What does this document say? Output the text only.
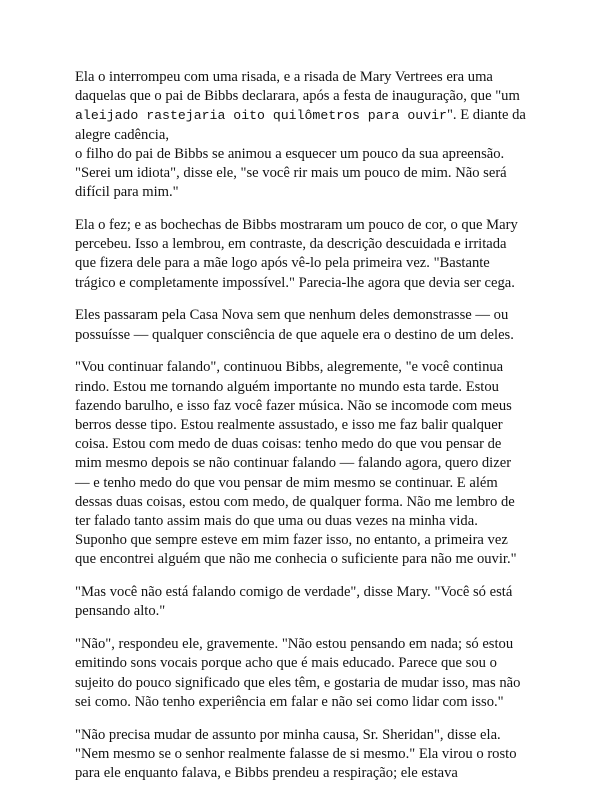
Ela o interrompeu com uma risada, e a risada de Mary Vertrees era uma
daquelas que o pai de Bibbs declarara, após a festa de inauguração, que "um
aleijado rastejaria oito quilômetros para ouvir". E diante da alegre cadência,
o filho do pai de Bibbs se animou a esquecer um pouco da sua apreensão.
"Serei um idiota", disse ele, "se você rir mais um pouco de mim. Não será
difícil para mim."

Ela o fez; e as bochechas de Bibbs mostraram um pouco de cor, o que Mary
percebeu. Isso a lembrou, em contraste, da descrição descuidada e irritada
que fizera dele para a mãe logo após vê-lo pela primeira vez. "Bastante
trágico e completamente impossível." Parecia-lhe agora que devia ser cega.

Eles passaram pela Casa Nova sem que nenhum deles demonstrasse — ou
possuísse — qualquer consciência de que aquele era o destino de um deles.

"Vou continuar falando", continuou Bibbs, alegremente, "e você continua
rindo. Estou me tornando alguém importante no mundo esta tarde. Estou
fazendo barulho, e isso faz você fazer música. Não se incomode com meus
berros desse tipo. Estou realmente assustado, e isso me faz balir qualquer
coisa. Estou com medo de duas coisas: tenho medo do que vou pensar de
mim mesmo depois se não continuar falando — falando agora, quero dizer
— e tenho medo do que vou pensar de mim mesmo se continuar. E além
dessas duas coisas, estou com medo, de qualquer forma. Não me lembro de
ter falado tanto assim mais do que uma ou duas vezes na minha vida.
Suponho que sempre esteve em mim fazer isso, no entanto, a primeira vez
que encontrei alguém que não me conhecia o suficiente para não me ouvir."

"Mas você não está falando comigo de verdade", disse Mary. "Você só está
pensando alto."

"Não", respondeu ele, gravemente. "Não estou pensando em nada; só estou
emitindo sons vocais porque acho que é mais educado. Parece que sou o
sujeito do pouco significado que eles têm, e gostaria de mudar isso, mas não
sei como. Não tenho experiência em falar e não sei como lidar com isso."

"Não precisa mudar de assunto por minha causa, Sr. Sheridan", disse ela.
"Nem mesmo se o senhor realmente falasse de si mesmo." Ela virou o rosto
para ele enquanto falava, e Bibbs prendeu a respiração; ele estava
